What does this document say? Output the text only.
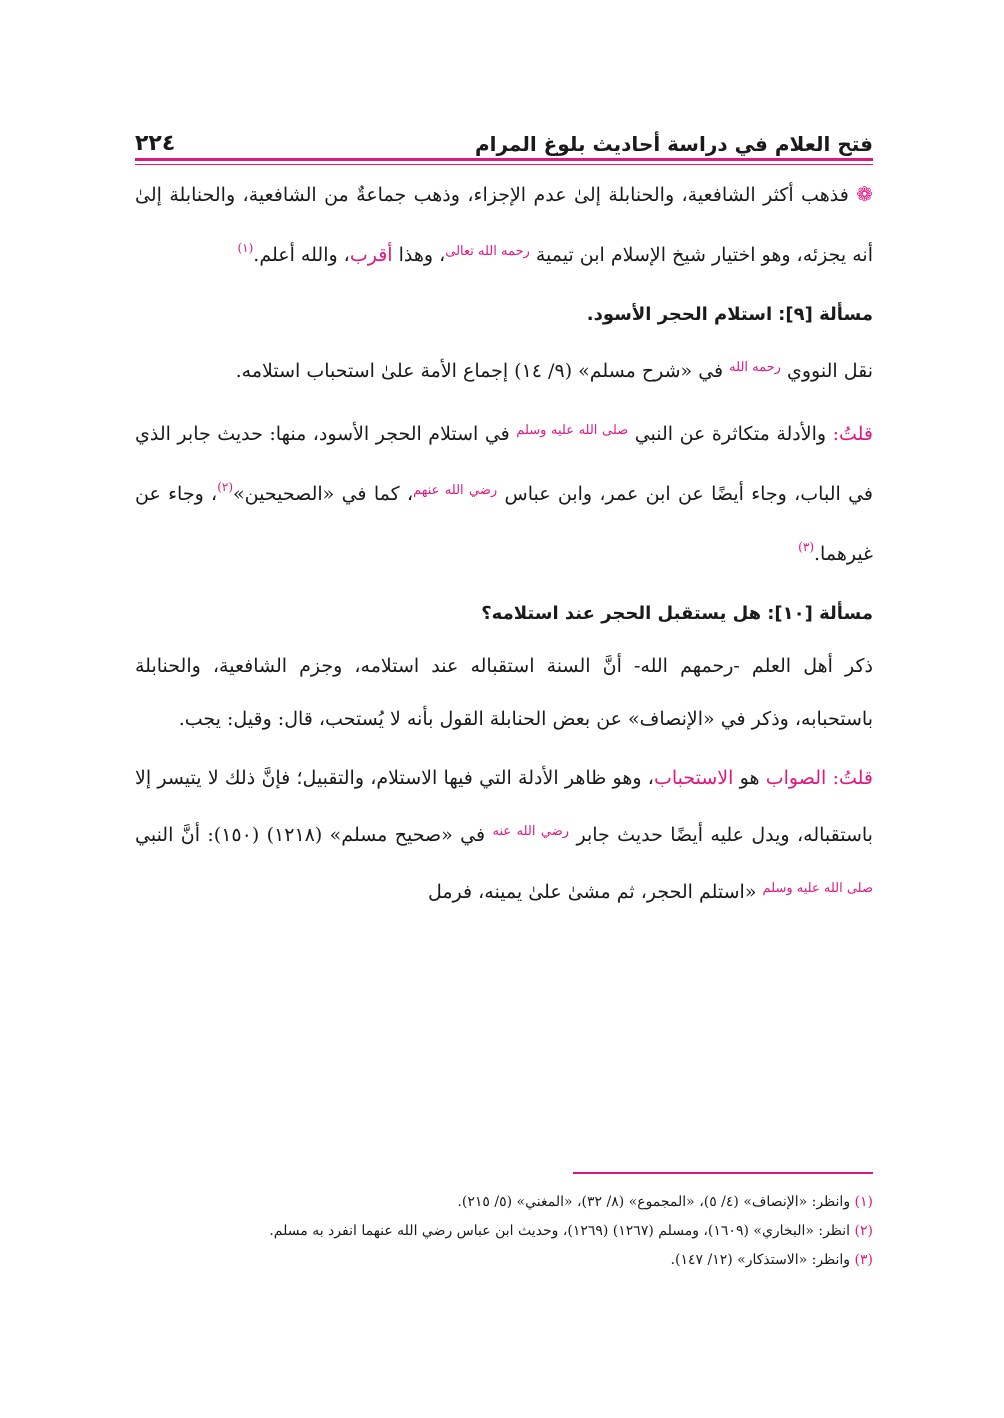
فتح العلام في دراسة أحاديث بلوغ المرام
٢٢٤

❁ فذهب أكثر الشافعية، والحنابلة إلىٰ عدم الإجزاء، وذهب جماعةٌ من الشافعية، والحنابلة إلىٰ أنه يجزئه، وهو اختيار شيخ الإسلام ابن تيمية $^{رحمه الله تعالى}$، وهذا أقرب، والله أعلم.$^{(١)}$

مسألة [٩]: استلام الحجر الأسود.

نقل النووي $^{رحمه الله}$ في «شرح مسلم» (٩/ ١٤) إجماع الأمة علىٰ استحباب استلامه.

قلتُ: والأدلة متكاثرة عن النبي $^{صلى الله عليه وسلم}$ في استلام الحجر الأسود، منها: حديث جابر الذي في الباب، وجاء أيضًا عن ابن عمر، وابن عباس $^{رضي الله عنهم}$، كما في «الصحيحين»$^{(٢)}$، وجاء عن غيرهما.$^{(٣)}$

مسألة [١٠]: هل يستقبل الحجر عند استلامه؟

ذكر أهل العلم -رحمهم الله- أنَّ السنة استقباله عند استلامه، وجزم الشافعية، والحنابلة باستحبابه، وذكر في «الإنصاف» عن بعض الحنابلة القول بأنه لا يُستحب، قال: وقيل: يجب.

قلتُ: الصواب هو الاستحباب، وهو ظاهر الأدلة التي فيها الاستلام، والتقبيل؛ فإنَّ ذلك لا يتيسر إلا باستقباله، ويدل عليه أيضًا حديث جابر $^{رضي الله عنه}$ في «صحيح مسلم» (١٢١٨) (١٥٠): أنَّ النبي $^{صلى الله عليه وسلم}$ «استلم الحجر، ثم مشىٰ علىٰ يمينه، فرمل

(١) وانظر: «الإنصاف» (٤/ ٥)، «المجموع» (٨/ ٣٢)، «المغني» (٥/ ٢١٥).

(٢) انظر: «البخاري» (١٦٠٩)، ومسلم (١٢٦٧) (١٢٦٩)، وحديث ابن عباس رضي الله عنهما انفرد به مسلم.

(٣) وانظر: «الاستذكار» (١٢/ ١٤٧).
